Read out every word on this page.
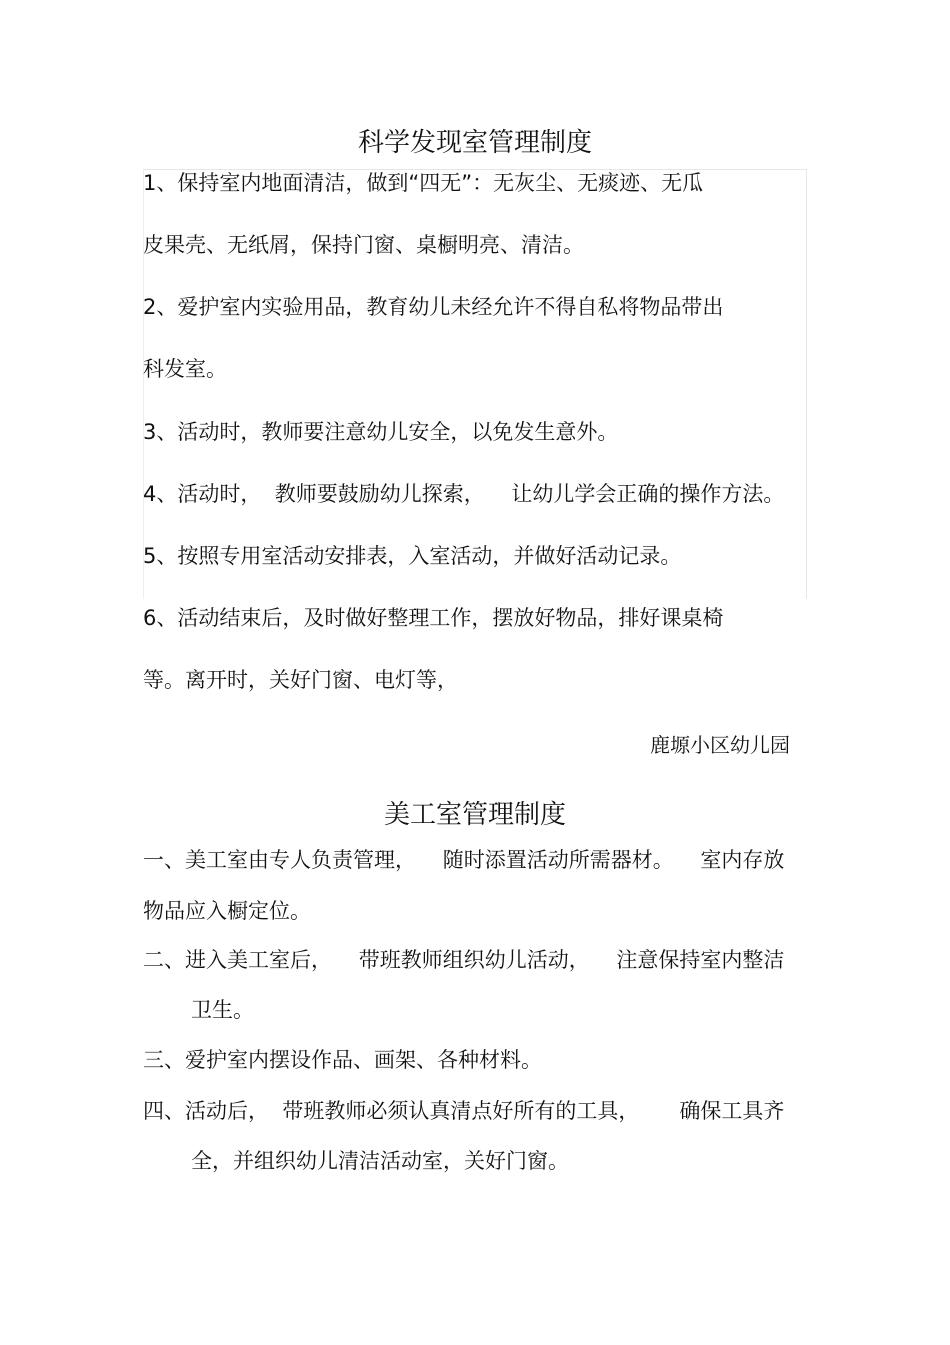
科学发现室管理制度
1、保持室内地面清洁，做到“四无”：无灰尘、无痰迹、无瓜
皮果壳、无纸屑，保持门窗、桌橱明亮、清洁。
2、爱护室内实验用品，教育幼儿未经允许不得自私将物品带出
科发室。
3、活动时，教师要注意幼儿安全，以免发生意外。
4、活动时，  教师要鼓励幼儿探索，    让幼儿学会正确的操作方法。
5、按照专用室活动安排表，入室活动，并做好活动记录。
6、活动结束后，及时做好整理工作，摆放好物品，排好课桌椅
等。离开时，关好门窗、电灯等，
鹿塬小区幼儿园
美工室管理制度
一、美工室由专人负责管理，    随时添置活动所需器材。    室内存放
物品应入橱定位。
二、进入美工室后，    带班教师组织幼儿活动，    注意保持室内整洁
卫生。
三、爱护室内摆设作品、画架、各种材料。
四、活动后，  带班教师必须认真清点好所有的工具，      确保工具齐
全，并组织幼儿清洁活动室，关好门窗。
